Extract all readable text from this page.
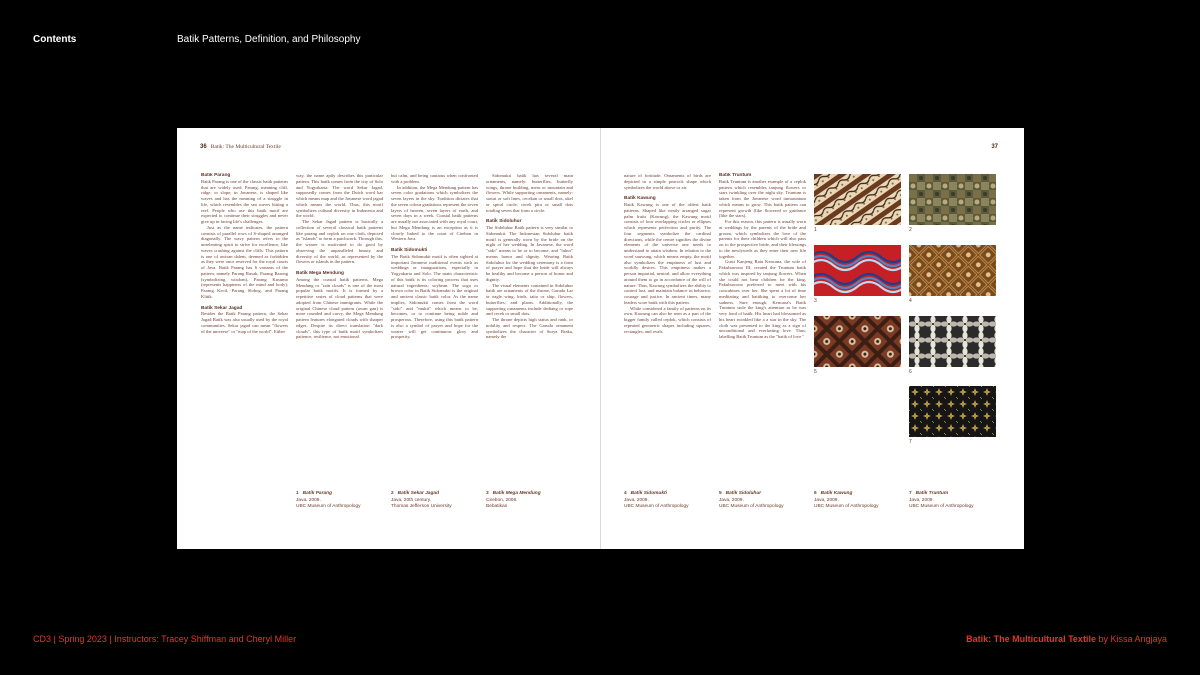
Contents	Batik Patterns, Definition, and Philosophy
36 Batik: The Multicultural Textile	37

Batik Parang

Batik Parang is one of the classic batik patterns that are widely used. Parang, meaning cliff, ridge, or slope, in Javanese, is shaped like waves and has the meaning of a struggle in life, which resembles the sea waves hitting a reef. People who use this batik motif are expected to continue their struggles and never give up in facing life's challenges.

Just as the name indicates, the pattern consists of parallel rows of S-shaped arranged diagonally. The wavy pattern refers to the unrelenting spirit to strive for excellence, like waves crashing against the cliffs. This pattern is one of awisan dalem, deemed as forbidden as they were once reserved for the royal courts of Java. Batik Parang has 6 variants of the pattern, namely Parang Rusak, Parang Barong (symbolizing wisdom), Parang Kusumo (represents happiness of the mind and body), Parang Kecil, Parang Slobog, and Parang Klitik.

Batik Sekar Jagad

Besides the Batik Parang pattern, the Sekar Jagad Batik was also usually used by the royal communities. Sekar jagad can mean "flowers of the universe" or "map of the world". Either

way, the name aptly describes this particular pattern. This batik comes from the city of Solo and Yogyakarta. The word Sekar Jagad, supposedly comes from the Dutch word kar which means map and the Javanese word jagad which means the world. Thus, this motif symbolizes cultural diversity in Indonesia and the world.

The Sekar Jagad pattern is basically a collection of several classical batik patterns like parang and ceplok on one cloth, depicted as "islands" to form a patchwork. Through this, the wearer is motivated to do good by observing the unparalleled beauty and diversity of the world, as represented by the flowers or islands in the pattern.

Batik Mega Mendung

Among the coastal batik patterns, Mega Mendung or "rain clouds" is one of the most popular batik motifs. It is formed by a repetitive series of cloud patterns that were adopted from Chinese immigrants. While the original Chinese cloud pattern (awan gan) is more rounded and curvy, the Mega Mendung pattern features elongated clouds with sharper edges. Despite its direct translation "dark clouds", this type of batik motif symbolizes patience, resilience, not emotional

but calm, and being cautious when confronted with a problem.

In addition, the Mega Mendung pattern has seven color gradations which symbolizes the seven layers in the sky. Tradition dictates that the seven colour gradations represent the seven layers of heaven, seven layers of earth, and seven days in a week. Coastal batik patterns are usually not associated with any royal court, but Mega Mendung is an exception as it is closely linked to the court of Cirebon in Western Java.

Batik Sidomukti

The Batik Sidomukti motif is often sighted at important Javanese traditional events such as weddings or inaugurations, especially in Yogyakarta and Solo. The main characteristic of this batik is its coloring process that uses natural ingredients: soybean. The soga or brown color in Batik Sidomukti is the original and ancient classic batik color. As the name implies, Sidomukti comes from the word "sido" and "mukti" which means to be, becomes, or to continue being noble and prosperous. Therefore, using this batik pattern is also a symbol of prayer and hope for the wearer will get continuous glory and prosperity.

Sidomukti batik has several main ornaments, namely: butterflies, butterfly wings, throne building, meru or mountain and flowers. While supporting ornaments, namely: sawat or soft lines, cecekan or small dots, ukel or spiral circle, cecek pitu or small dots totaling seven that form a circle.

Batik Sidoluhur

The Sidoluhur Batik pattern is very similar to Sidomukti. The Indonesian Sidoluhur batik motif is generally worn by the bride on the night of her wedding. In Javanese, the word "sido" means to be or to become, and "luhur" means honor and dignity. Wearing Batik Sidoluhur for the wedding ceremony is a form of prayer and hope that the bride will always be healthy and become a person of honor and dignity.

The visual elements contained in Sidoluhur batik are ornaments of the throne, Garuda Lar or eagle wing, birds, taito or ship, flowers, butterflies, and plants. Additionally, the supporting ornaments include dediang or rope and cecek or small dots.

The throne depicts high status and rank, or nobility and respect. The Garuda ornament symbolizes the character of Surya Braka, namely the

nature of fortitude. Ornaments of birds are depicted in a simple peacock shape which symbolizes the world above or air.

Batik Kawung

Batik Kawung is one of the oldest batik patterns. Shaped like neatly arranged sugar palm fruits (Kawung), the Kawung motif consists of four overlapping circles or ellipses which represents perfection and purity. The four segments symbolize the cardinal directions, while the centre signifies the divine elements of the universe one needs to understand to attain wisdom. In relation to the word sauwung, which means empty, the motif also symbolizes the emptiness of lust and worldly desires. This emptiness makes a person impartial, neutral, and allow everything around them to go in accordance of the will of nature. Thus, Kawung symbolizes the ability to control lust, and maintain balance in behavior, courage and justice. In ancient times, many leaders wore batik with this pattern.

While considered a family of patterns on its own, Kawung can also be seen as a part of the bigger family called ceplok, which consists of repeated geometric shapes including squares, rectangles, and ovals.

Batik Truntum

Batik Truntum is another example of a ceplok pattern which resembles tanjung flowers or stars twinkling over the night sky. Truntum is taken from the Javanese word tumaruntum which means to grow. This batik pattern can represent growth (like flowered or guidance (like the stars).

For this reason, this pattern is usually worn at weddings by the parents of the bride and groom, which symbolizes the love of the parents for their children which will also pass on to the prospective bride, and their blessings to the newlyweds as they enter their new life together.

Gusti Kanjeng Ratu Kencana, the wife of Pakubuwono III, created the Truntum batik which was inspired by tanjung flowers. When she could not bear children for the king, Pakubuwono preferred to meet with his concubines over her. She spent a lot of time meditating and battiking to overcome her sadness. Sure enough, Kencana's Batik Truntum stole the king's attention as he was very fond of batik. His heart had blossomed as his heart twinkled like a a star in the sky. The cloth was presented to the king as a sign of unconditional and everlasting love. Thus, labelling Batik Truntum as the "batik of love."

1	2
3	4
5	6
7
1 Batik Parang
Java, 2009.
UBC Museum of Anthropology
2 Batik Sekar Jagad
Java, 20th century.
Thomas Jefferson University
3 Batik Mega Mendung
Cirebon, 2006.
Bebatikan
4 Batik Sidomukti
Java, 2009.
UBC Museum of Anthropology
5 Batik Sidoluhur
Java, 2009.
UBC Museum of Anthropology
6 Batik Kawung
Java, 2009.
UBC Museum of Anthropology
7 Batik Truntum
Java, 2009.
UBC Museum of Anthropology
CD3 | Spring 2023 | Instructors: Tracey Shiffman and Cheryl Miller	Batik: The Multicultural Textile by Kissa Angjaya
